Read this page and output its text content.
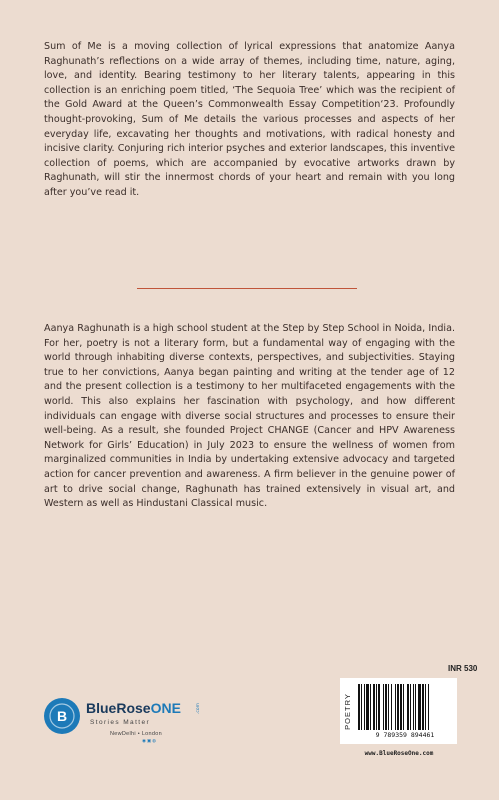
Sum of Me is a moving collection of lyrical expressions that anatomize Aanya Raghunath’s reflections on a wide array of themes, including time, nature, aging, love, and identity. Bearing testimony to her literary talents, appearing in this collection is an enriching poem titled, ‘The Sequoia Tree’ which was the recipient of the Gold Award at the Queen’s Commonwealth Essay Competition‘23. Profoundly thought-provoking, Sum of Me details the various processes and aspects of her everyday life, excavating her thoughts and motivations, with radical honesty and incisive clarity. Conjuring rich interior psyches and exterior landscapes, this inventive collection of poems, which are accompanied by evocative artworks drawn by Raghunath, will stir the innermost chords of your heart and remain with you long after you’ve read it.

Aanya Raghunath is a high school student at the Step by Step School in Noida, India. For her, poetry is not a literary form, but a fundamental way of engaging with the world through inhabiting diverse contexts, perspectives, and subjectivities. Staying true to her convictions, Aanya began painting and writing at the tender age of 12 and the present collection is a testimony to her multifaceted engagements with the world. This also explains her fascination with psychology, and how different individuals can engage with diverse social structures and processes to ensure their well-being. As a result, she founded Project CHANGE (Cancer and HPV Awareness Network for Girls’ Education) in July 2023 to ensure the wellness of women from marginalized communities in India by undertaking extensive advocacy and targeted action for cancer prevention and awareness. A firm believer in the genuine power of art to drive social change, Raghunath has trained extensively in visual art, and Western as well as Hindustani Classical music.

B BlueRoseONE	.com
Stories Matter
NewDelhi • London
◉▣◍
INR 530
POETRY
9 789359 894461
www.BlueRoseOne.com
